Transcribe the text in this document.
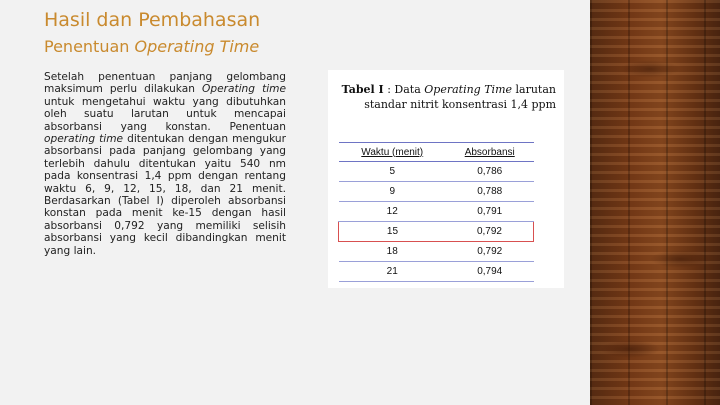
Hasil dan Pembahasan
Penentuan Operating Time
Setelah penentuan panjang gelombang maksimum perlu dilakukan Operating time untuk mengetahui waktu yang dibutuhkan oleh suatu larutan untuk mencapai absorbansi yang konstan. Penentuan operating time ditentukan dengan mengukur absorbansi pada panjang gelombang yang terlebih dahulu ditentukan yaitu 540 nm pada konsentrasi 1,4 ppm dengan rentang waktu 6, 9, 12, 15, 18, dan 21 menit. Berdasarkan (Tabel I) diperoleh absorbansi konstan pada menit ke-15 dengan hasil absorbansi 0,792 yang memiliki selisih absorbansi yang kecil dibandingkan menit yang lain.
Tabel I : Data Operating Time larutan
standar nitrit konsentrasi 1,4 ppm
Waktu (menit)	Absorbansi
5	0,786
9	0,788
12	0,791
15	0,792
18	0,792
21	0,794
